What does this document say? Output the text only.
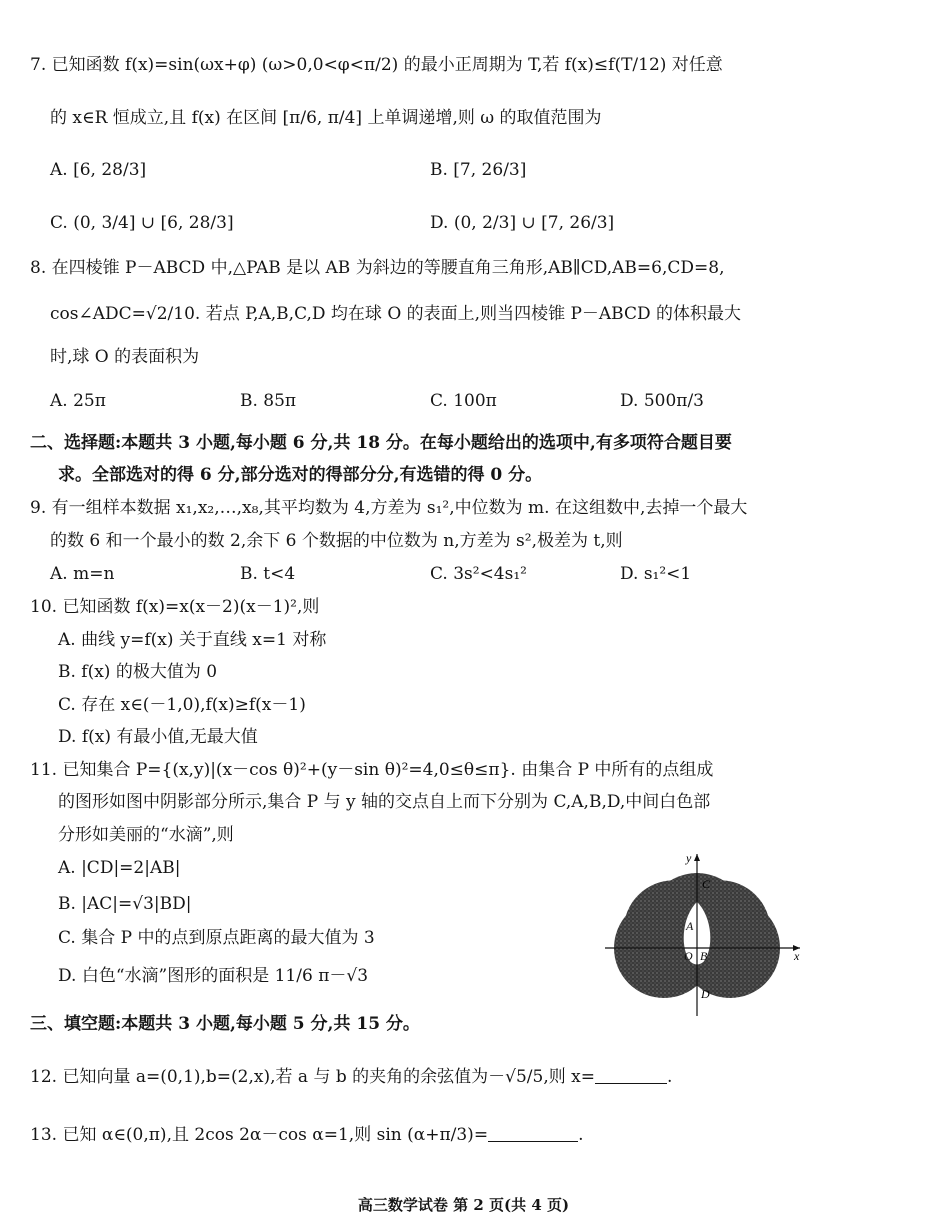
7. 已知函数 f(x)=sin(ωx+φ) (ω>0,0<φ<π/2) 的最小正周期为 T,若 f(x)≤f(T/12) 对任意
的 x∈R 恒成立,且 f(x) 在区间 [π/6, π/4] 上单调递增,则 ω 的取值范围为
A. [6, 28/3]	B. [7, 26/3]
C. (0, 3/4] ∪ [6, 28/3]	D. (0, 2/3] ∪ [7, 26/3]
8. 在四棱锥 P－ABCD 中,△PAB 是以 AB 为斜边的等腰直角三角形,AB∥CD,AB=6,CD=8,
cos∠ADC=√2/10. 若点 P,A,B,C,D 均在球 O 的表面上,则当四棱锥 P－ABCD 的体积最大
时,球 O 的表面积为
A. 25π	B. 85π	C. 100π	D. 500π/3
二、选择题:本题共 3 小题,每小题 6 分,共 18 分。在每小题给出的选项中,有多项符合题目要
求。全部选对的得 6 分,部分选对的得部分分,有选错的得 0 分。
9. 有一组样本数据 x₁,x₂,…,x₈,其平均数为 4,方差为 s₁²,中位数为 m. 在这组数中,去掉一个最大
的数 6 和一个最小的数 2,余下 6 个数据的中位数为 n,方差为 s²,极差为 t,则
A. m=n	B. t<4	C. 3s²<4s₁²	D. s₁²<1
10. 已知函数 f(x)=x(x－2)(x－1)²,则
A. 曲线 y=f(x) 关于直线 x=1 对称
B. f(x) 的极大值为 0
C. 存在 x∈(－1,0),f(x)≥f(x－1)
D. f(x) 有最小值,无最大值
11. 已知集合 P={(x,y)|(x－cos θ)²+(y－sin θ)²=4,0≤θ≤π}. 由集合 P 中所有的点组成
的图形如图中阴影部分所示,集合 P 与 y 轴的交点自上而下分别为 C,A,B,D,中间白色部
分形如美丽的“水滴”,则
A. |CD|=2|AB|
B. |AC|=√3|BD|
C. 集合 P 中的点到原点距离的最大值为 3
D. 白色“水滴”图形的面积是 11/6 π－√3
y
x
C
A
O B
D
三、填空题:本题共 3 小题,每小题 5 分,共 15 分。
12. 已知向量 a=(0,1),b=(2,x),若 a 与 b 的夹角的余弦值为－√5/5,则 x=	.
13. 已知 α∈(0,π),且 2cos 2α－cos α=1,则 sin (α+π/3)=	.
高三数学试卷 第 2 页(共 4 页)
